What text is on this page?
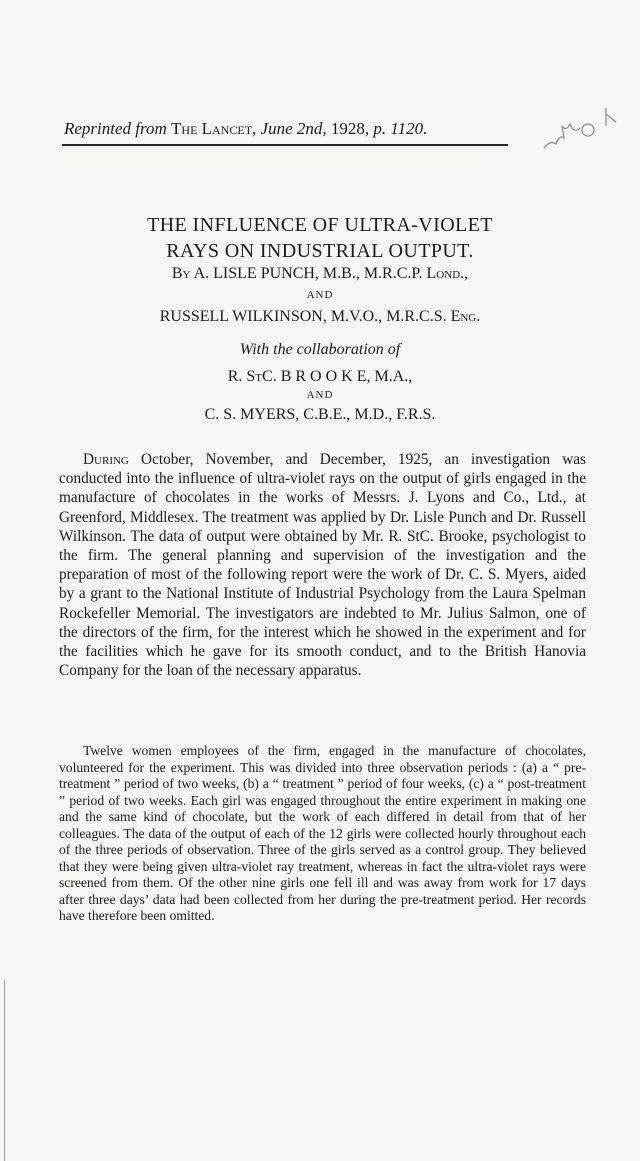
Reprinted from The Lancet, June 2nd, 1928, p. 1120.
THE INFLUENCE OF ULTRA-VIOLET
RAYS ON INDUSTRIAL OUTPUT.
By A. LISLE PUNCH, M.B., M.R.C.P. Lond.,
AND
RUSSELL WILKINSON, M.V.O., M.R.C.S. Eng.
With the collaboration of
R. StC. B R O O K E, M.A.,
AND
C. S. MYERS, C.B.E., M.D., F.R.S.

During October, November, and December, 1925, an investigation was conducted into the influence of ultra-violet rays on the output of girls engaged in the manufacture of chocolates in the works of Messrs. J. Lyons and Co., Ltd., at Greenford, Middlesex. The treatment was applied by Dr. Lisle Punch and Dr. Russell Wilkinson. The data of output were obtained by Mr. R. StC. Brooke, psychologist to the firm. The general planning and supervision of the investigation and the preparation of most of the following report were the work of Dr. C. S. Myers, aided by a grant to the National Institute of Industrial Psychology from the Laura Spelman Rockefeller Memorial. The investigators are indebted to Mr. Julius Salmon, one of the directors of the firm, for the interest which he showed in the experiment and for the facilities which he gave for its smooth conduct, and to the British Hanovia Company for the loan of the necessary apparatus.

Twelve women employees of the firm, engaged in the manufacture of chocolates, volunteered for the experiment. This was divided into three observation periods : (a) a “ pre-treatment ” period of two weeks, (b) a “ treatment ” period of four weeks, (c) a “ post-treatment ” period of two weeks. Each girl was engaged throughout the entire experiment in making one and the same kind of chocolate, but the work of each differed in detail from that of her colleagues. The data of the output of each of the 12 girls were collected hourly throughout each of the three periods of observation. Three of the girls served as a control group. They believed that they were being given ultra-violet ray treatment, whereas in fact the ultra-violet rays were screened from them. Of the other nine girls one fell ill and was away from work for 17 days after three days’ data had been collected from her during the pre-treatment period. Her records have therefore been omitted.
